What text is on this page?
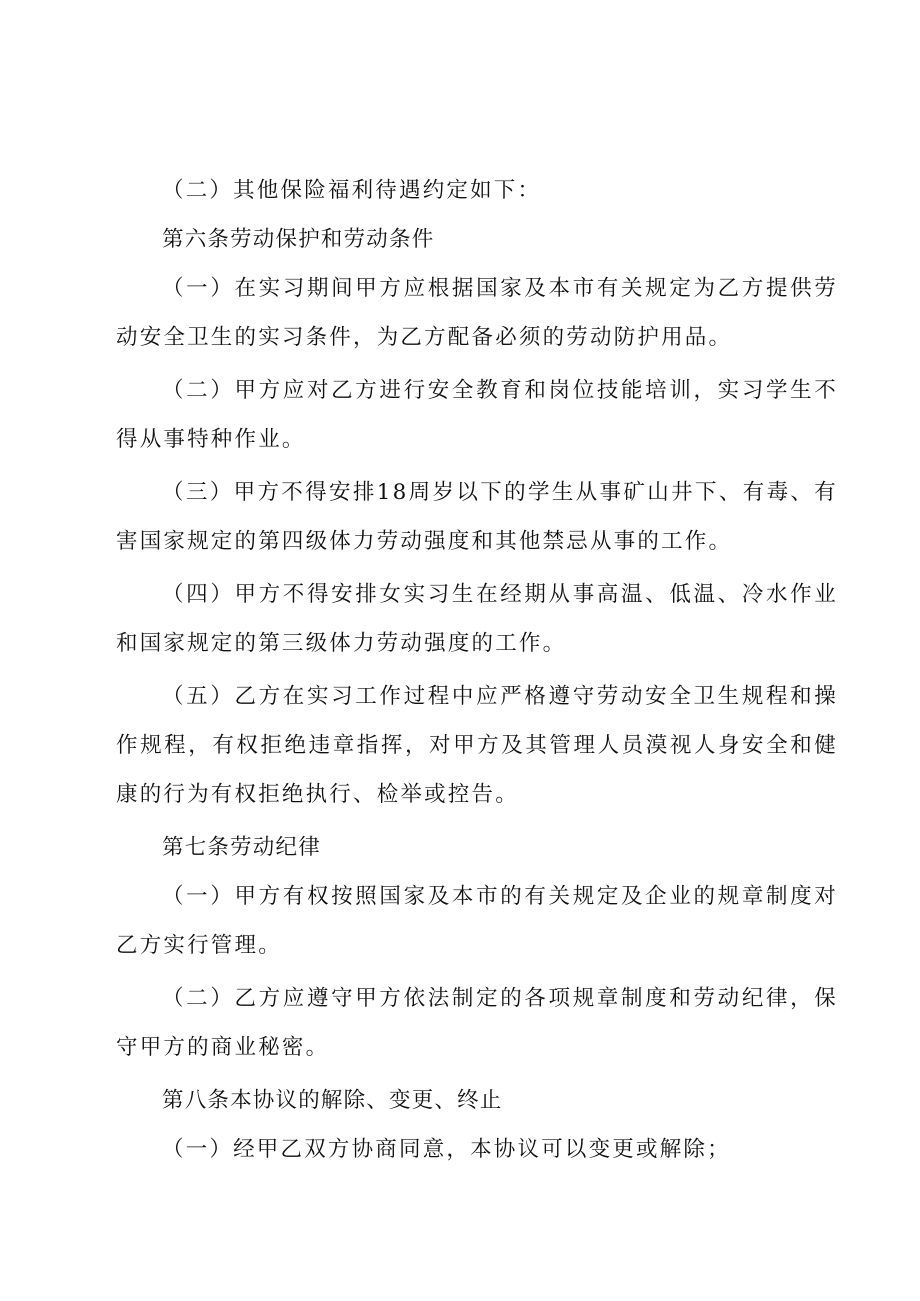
（二）其他保险福利待遇约定如下：

第六条劳动保护和劳动条件

（一）在实习期间甲方应根据国家及本市有关规定为乙方提供劳动安全卫生的实习条件，为乙方配备必须的劳动防护用品。

（二）甲方应对乙方进行安全教育和岗位技能培训，实习学生不得从事特种作业。

（三）甲方不得安排18周岁以下的学生从事矿山井下、有毒、有害国家规定的第四级体力劳动强度和其他禁忌从事的工作。

（四）甲方不得安排女实习生在经期从事高温、低温、冷水作业和国家规定的第三级体力劳动强度的工作。

（五）乙方在实习工作过程中应严格遵守劳动安全卫生规程和操作规程，有权拒绝违章指挥，对甲方及其管理人员漠视人身安全和健康的行为有权拒绝执行、检举或控告。

第七条劳动纪律

（一）甲方有权按照国家及本市的有关规定及企业的规章制度对乙方实行管理。

（二）乙方应遵守甲方依法制定的各项规章制度和劳动纪律，保守甲方的商业秘密。

第八条本协议的解除、变更、终止

（一）经甲乙双方协商同意，本协议可以变更或解除；
